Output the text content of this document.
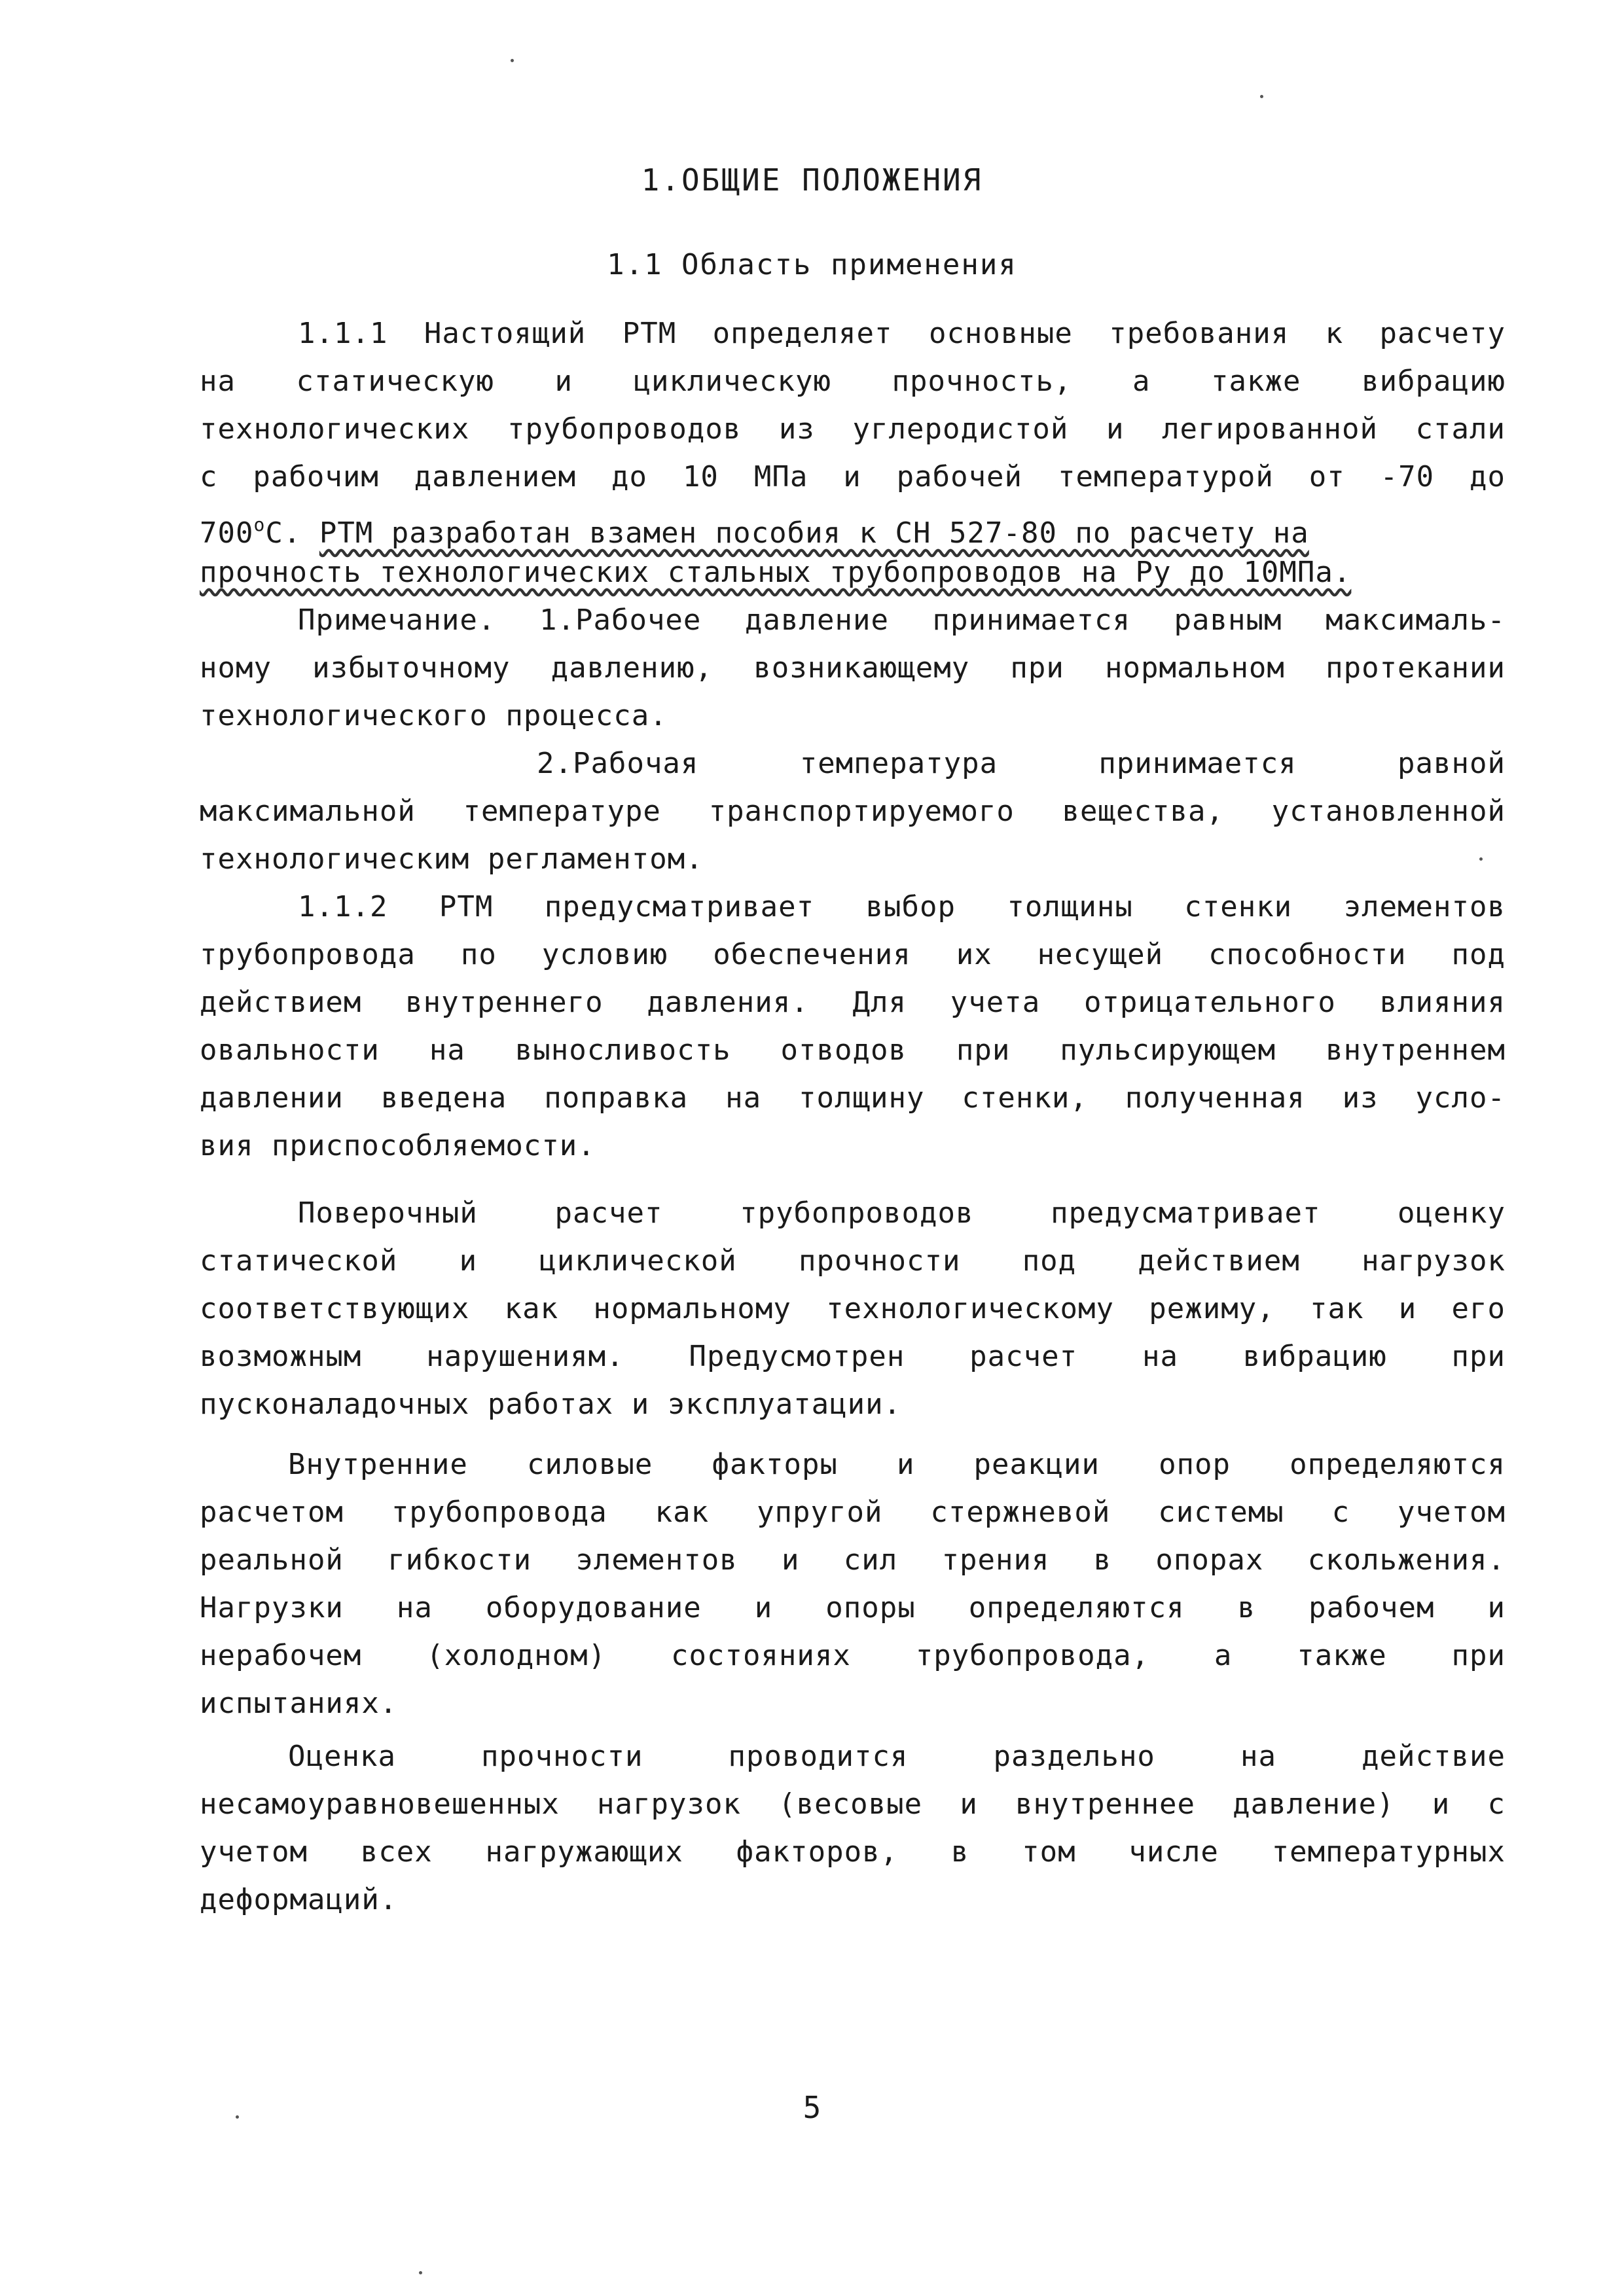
1.ОБЩИЕ ПОЛОЖЕНИЯ
1.1 Область применения
1.1.1 Настоящий РТМ определяет основные требования к расчету
на статическую и циклическую прочность, а также вибрацию
технологических трубопроводов из углеродистой и легированной стали
с рабочим давлением до 10 МПа и рабочей температурой от -70 до
$700^оС$. РТМ разработан взамен пособия к СН 527-80 по расчету на
прочность технологических стальных трубопроводов на Ру до 10МПа.
Примечание. 1.Рабочее давление принимается равным максималь-
ному избыточному давлению, возникающему при нормальном протекании
технологического процесса.
2.Рабочая температура принимается равной
максимальной температуре транспортируемого вещества, установленной
технологическим регламентом.
1.1.2 РТМ предусматривает выбор толщины стенки элементов
трубопровода по условию обеспечения их несущей способности под
действием внутреннего давления. Для учета отрицательного влияния
овальности на выносливость отводов при пульсирующем внутреннем
давлении введена поправка на толщину стенки, полученная из усло-
вия приспособляемости.
Поверочный расчет трубопроводов предусматривает оценку
статической и циклической прочности под действием нагрузок
соответствующих как нормальному технологическому режиму, так и его
возможным нарушениям. Предусмотрен расчет на вибрацию при
пусконаладочных работах и эксплуатации.
Внутренние силовые факторы и реакции опор определяются
расчетом трубопровода как упругой стержневой системы с учетом
реальной гибкости элементов и сил трения в опорах скольжения.
Нагрузки на оборудование и опоры определяются в рабочем и
нерабочем (холодном) состояниях трубопровода, а также при
испытаниях.
Оценка прочности проводится раздельно на действие
несамоуравновешенных нагрузок (весовые и внутреннее давление) и с
учетом всех нагружающих факторов, в том числе температурных
деформаций.
5
